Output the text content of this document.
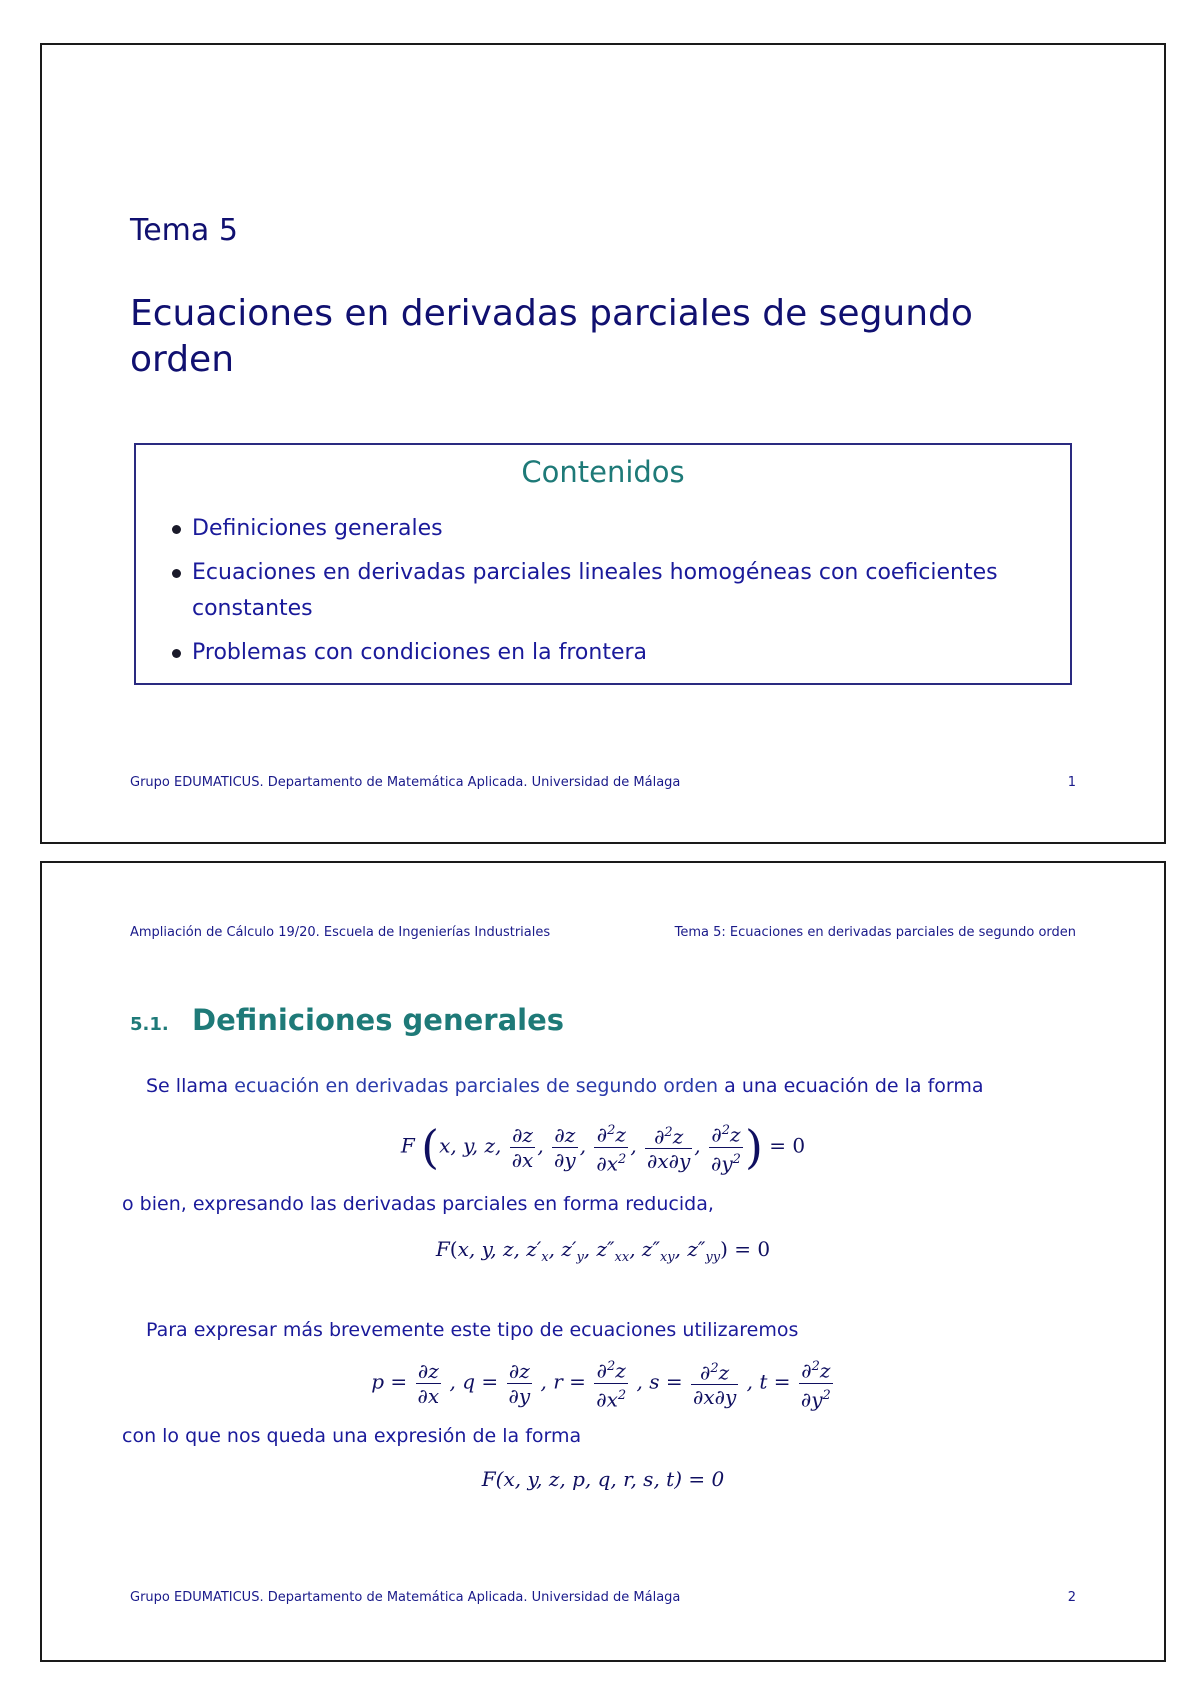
Tema 5
Ecuaciones en derivadas parciales de segundo orden
Contenidos
Definiciones generales
Ecuaciones en derivadas parciales lineales homogéneas con coeficientes constantes
Problemas con condiciones en la frontera
Grupo EDUMATICUS. Departamento de Matemática Aplicada. Universidad de Málaga	1
Ampliación de Cálculo 19/20. Escuela de Ingenierías Industriales	Tema 5: Ecuaciones en derivadas parciales de segundo orden
5.1. Definiciones generales
Se llama ecuación en derivadas parciales de segundo orden a una ecuación de la forma
F (x, y, z, $\frac{\partial z}{\partial x}$ , $\frac{\partial z}{\partial y}$ , $\frac{\partial^2z}{\partial x^2}$ , $\frac{\partial^2z}{\partial x\partial y}$ , $\frac{\partial^2z}{\partial y^2}$ ) = 0
o bien, expresando las derivadas parciales en forma reducida,
F(x, y, z, $z'_x$, $z'_y$, $z''_{xx}$, $z''_{xy}$, $z''_{yy}) = 0$
Para expresar más brevemente este tipo de ecuaciones utilizaremos
$p = \frac{\partial z}{\partial x}$ , $q = \frac{\partial z}{\partial y}$ , $r = \frac{\partial^2z}{\partial x^2}$ , $s = \frac{\partial^2z}{\partial x\partial y}$ , $t = \frac{\partial^2z}{\partial y^2}$
con lo que nos queda una expresión de la forma
F(x, y, z, p, q, r, s, t) = 0
Grupo EDUMATICUS. Departamento de Matemática Aplicada. Universidad de Málaga	2
